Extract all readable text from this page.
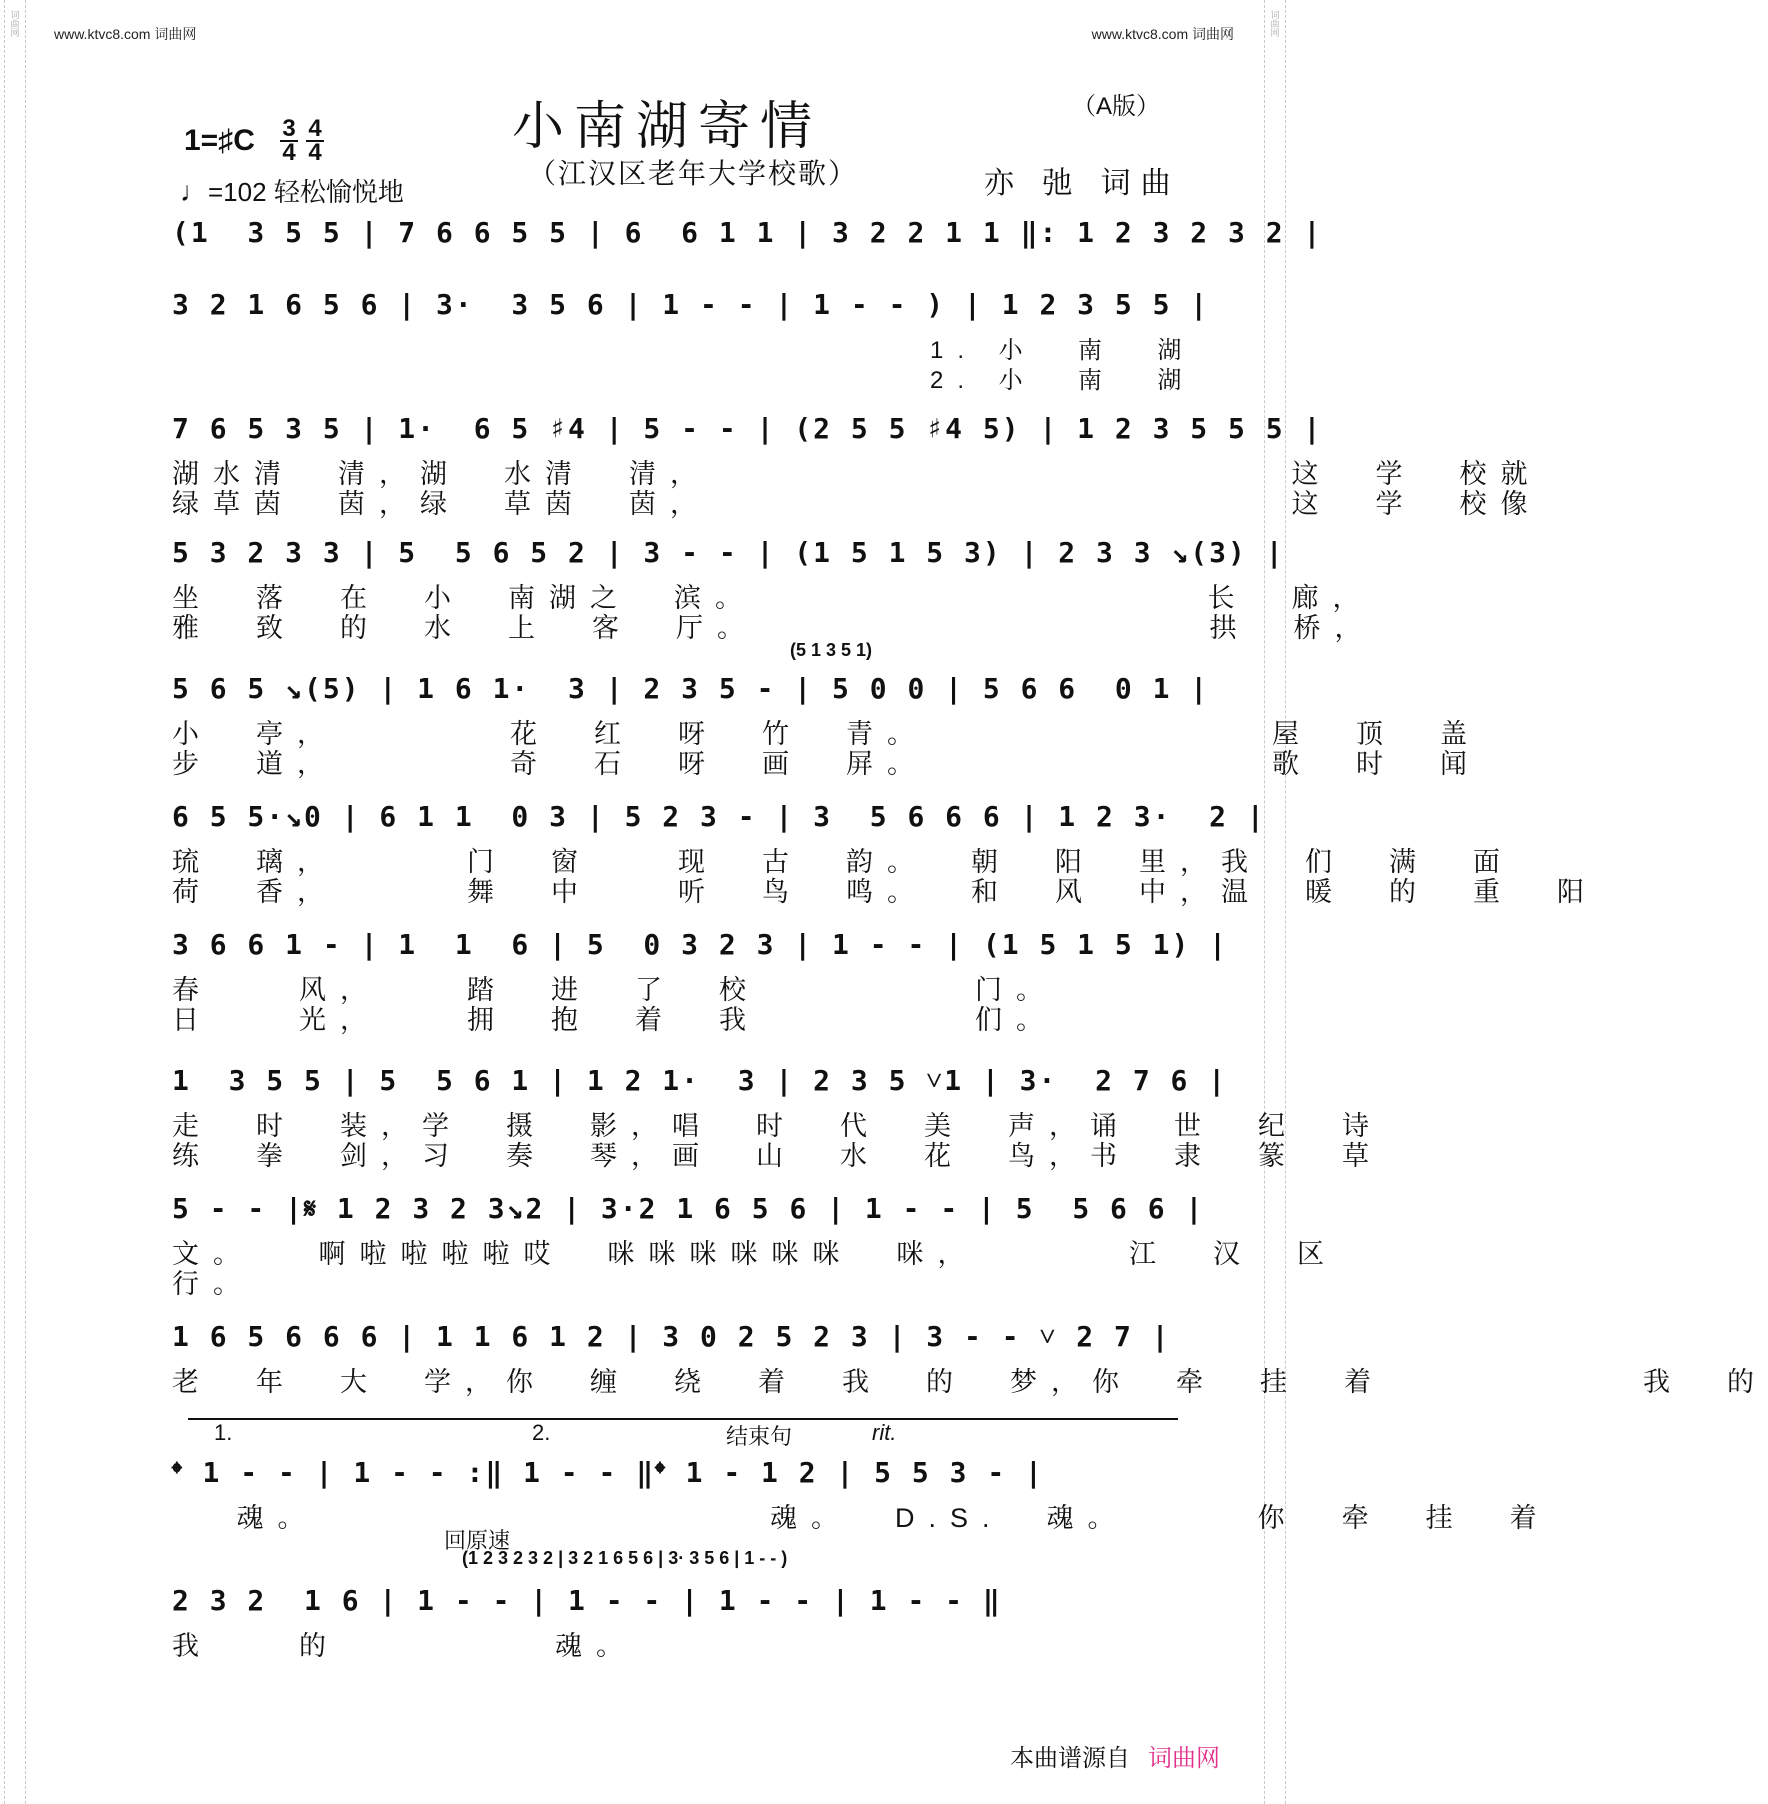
词曲网	词曲网
www.ktvc8.com 词曲网	www.ktvc8.com 词曲网
小南湖寄情
（江汉区老年大学校歌）
（A版）
亦 弛 词曲
1=♯C $\frac{3}{4} \frac{4}{4}$
♩=102 轻松愉悦地
(1  3 5 5 | 7 6 6 5 5 | 6  6 1 1 | 3 2 2 1 1 ‖: 1 2 3 2 3 2 |
3 2 1 6 5 6 | 3·  3 5 6 | 1 - - | 1 - - ) | 1 2 3 5 5 |
1. 小  南  湖
2. 小  南  湖
7 6 5 3 5 | 1·  6 5 ♯4 | 5 - - | (2 5 5 ♯4 5) | 1 2 3 5 5 5 |
湖水清  清，湖  水清  清，                           这  学  校就
绿草茵  茵，绿  草茵  茵，                           这  学  校像
5 3 2 3 3 | 5  5 6 5 2 | 3 - - | (1 5 1 5 3) | 2 3 3 ↘(3) |
坐  落  在  小  南湖之  滨。                     长  廊，
雅  致  的  水  上  客  厅。                     拱  桥，
(5 1 3 5 1)
5 6 5 ↘(5) | 1 6 1·  3 | 2 3 5 - | 5 0 0 | 5 6 6  0 1 |
小  亭，        花  红  呀  竹  青。                屋  顶  盖
步  道，        奇  石  呀  画  屏。                歌  时  闻
6 5 5·↘0 | 6 1 1  0 3 | 5 2 3 - | 3  5 6 6 6 | 1 2 3·  2 |
琉  璃，      门  窗    现  古  韵。  朝  阳  里，我  们  满  面
荷  香，      舞  中    听  鸟  鸣。  和  风  中，温  暖  的  重  阳
3 6 6 1 - | 1  1  6 | 5  0 3 2 3 | 1 - - | (1 5 1 5 1) |
春    风，    踏  进  了  校          门。
日    光，    拥  抱  着  我          们。
1  3 5 5 | 5  5 6 1 | 1 2 1·  3 | 2 3 5 ˅1 | 3·  2 7 6 |
走  时  装，学  摄  影，唱  时  代  美  声，诵  世  纪  诗
练  拳  剑，习  奏  琴，画  山  水  花  鸟，书  隶  篆  草
5 - - |𝄋 1 2 3 2 3↘2 | 3·2 1 6 5 6 | 1 - - | 5  5 6 6 |
文。   啊啦啦啦啦哎  咪咪咪咪咪咪  咪，       江  汉  区
行。
1 6 5 6 6 6 | 1 1 6 1 2 | 3 0 2 5 2 3 | 3 - - ˅ 2 7 |
老  年  大  学，你  缠  绕  着  我  的  梦，你  牵  挂  着            我  的
1.	2.	结束句	rit.
𝄌 1 - - | 1 - - :‖ 1 - - ‖𝄌 1 - 1 2 | 5 5 3 - |
魂。                     魂。  D.S.  魂。      你  牵  挂  着
回原速
(1 2 3 2 3 2 | 3 2 1 6 5 6 | 3· 3 5 6 | 1 - - )
2 3 2  1 6 | 1 - - | 1 - - | 1 - - | 1 - - ‖
我    的          魂。
本曲谱源自 词曲网
